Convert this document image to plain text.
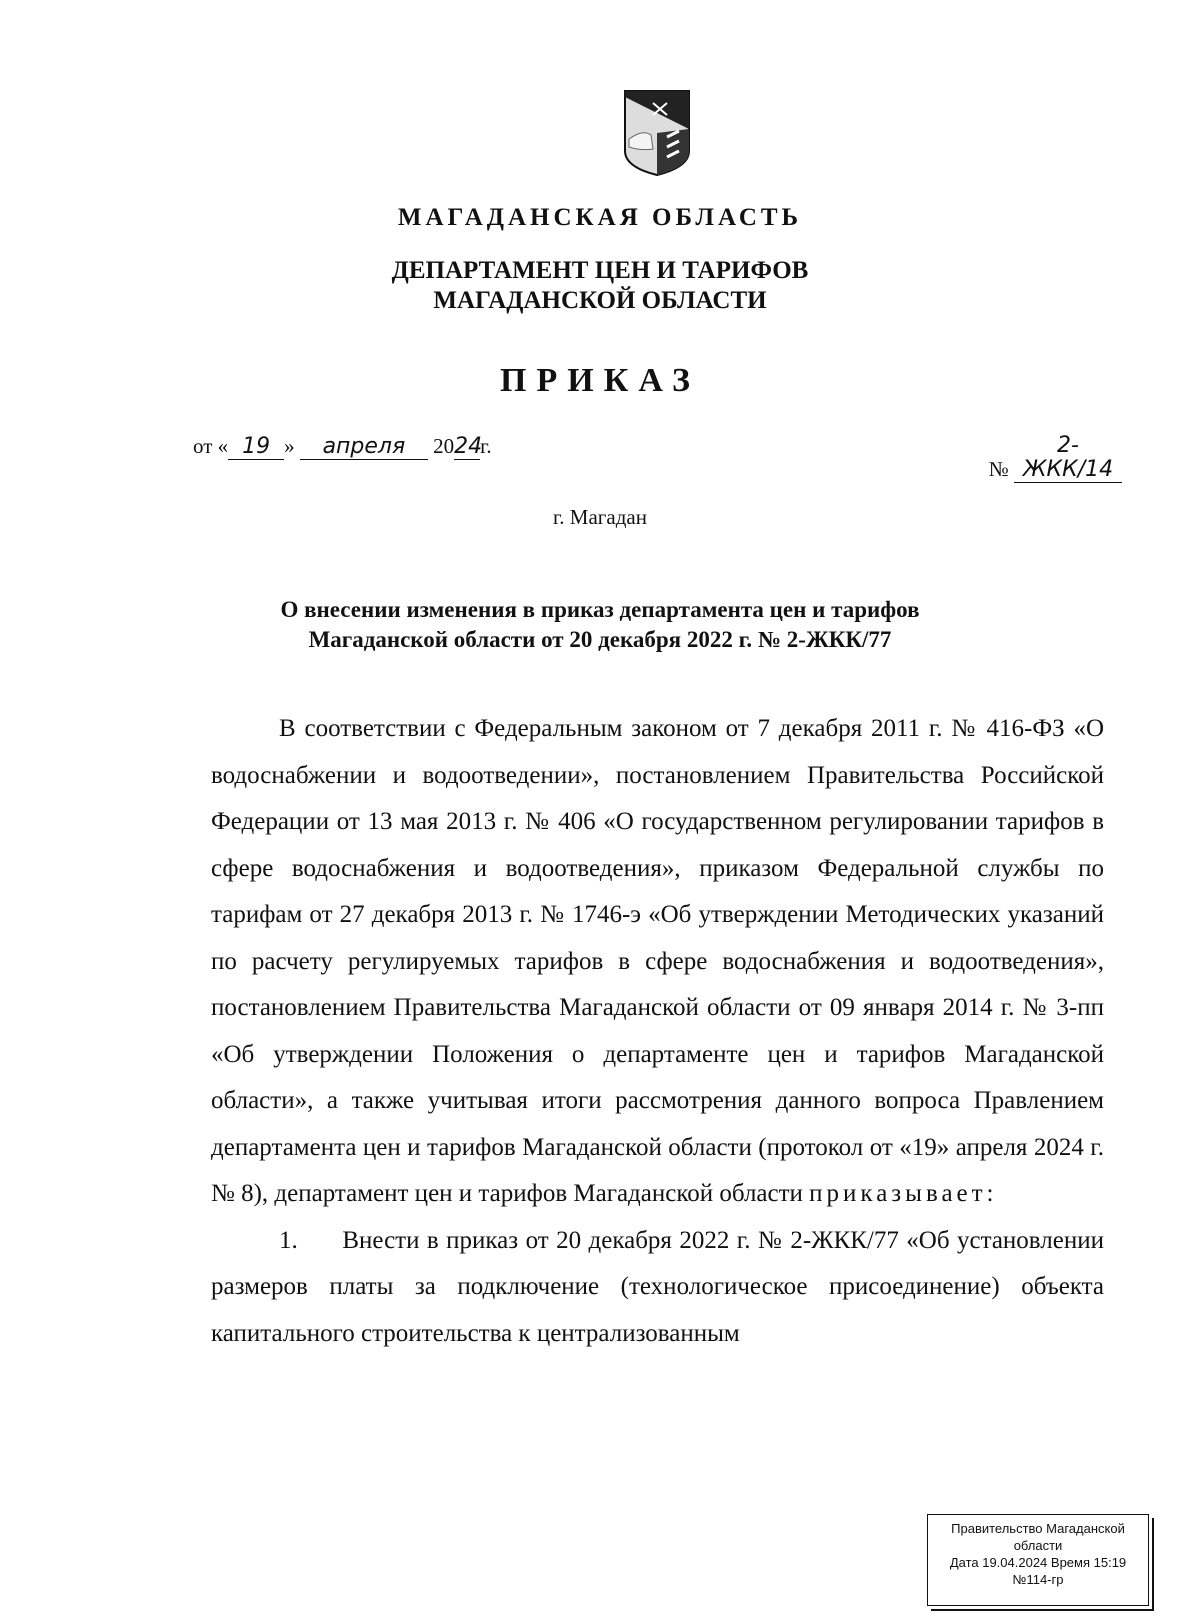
МАГАДАНСКАЯ ОБЛАСТЬ
ДЕПАРТАМЕНТ ЦЕН И ТАРИФОВ
МАГАДАНСКОЙ ОБЛАСТИ
ПРИКАЗ
от « 19 » апреля 2024г.
№ 2-ЖКК/14
г. Магадан
О внесении изменения в приказ департамента цен и тарифов
Магаданской области от 20 декабря 2022 г. № 2-ЖКК/77

В соответствии с Федеральным законом от 7 декабря 2011 г. № 416-ФЗ «О водоснабжении и водоотведении», постановлением Правительства Российской Федерации от 13 мая 2013 г. № 406 «О государственном регулировании тарифов в сфере водоснабжения и водоотведения», приказом Федеральной службы по тарифам от 27 декабря 2013 г. № 1746-э «Об утверждении Методических указаний по расчету регулируемых тарифов в сфере водоснабжения и водоотведения», постановлением Правительства Магаданской области от 09 января 2014 г. № 3-пп «Об утверждении Положения о департаменте цен и тарифов Магаданской области», а также учитывая итоги рассмотрения данного вопроса Правлением департамента цен и тарифов Магаданской области (протокол от «19» апреля 2024 г. № 8), департамент цен и тарифов Магаданской области приказывает:

1.      Внести в приказ от 20 декабря 2022 г. № 2-ЖКК/77 «Об установлении размеров платы за подключение (технологическое присоединение) объекта капитального строительства к централизованным

Правительство Магаданской
области
Дата 19.04.2024 Время 15:19
№114-гр
